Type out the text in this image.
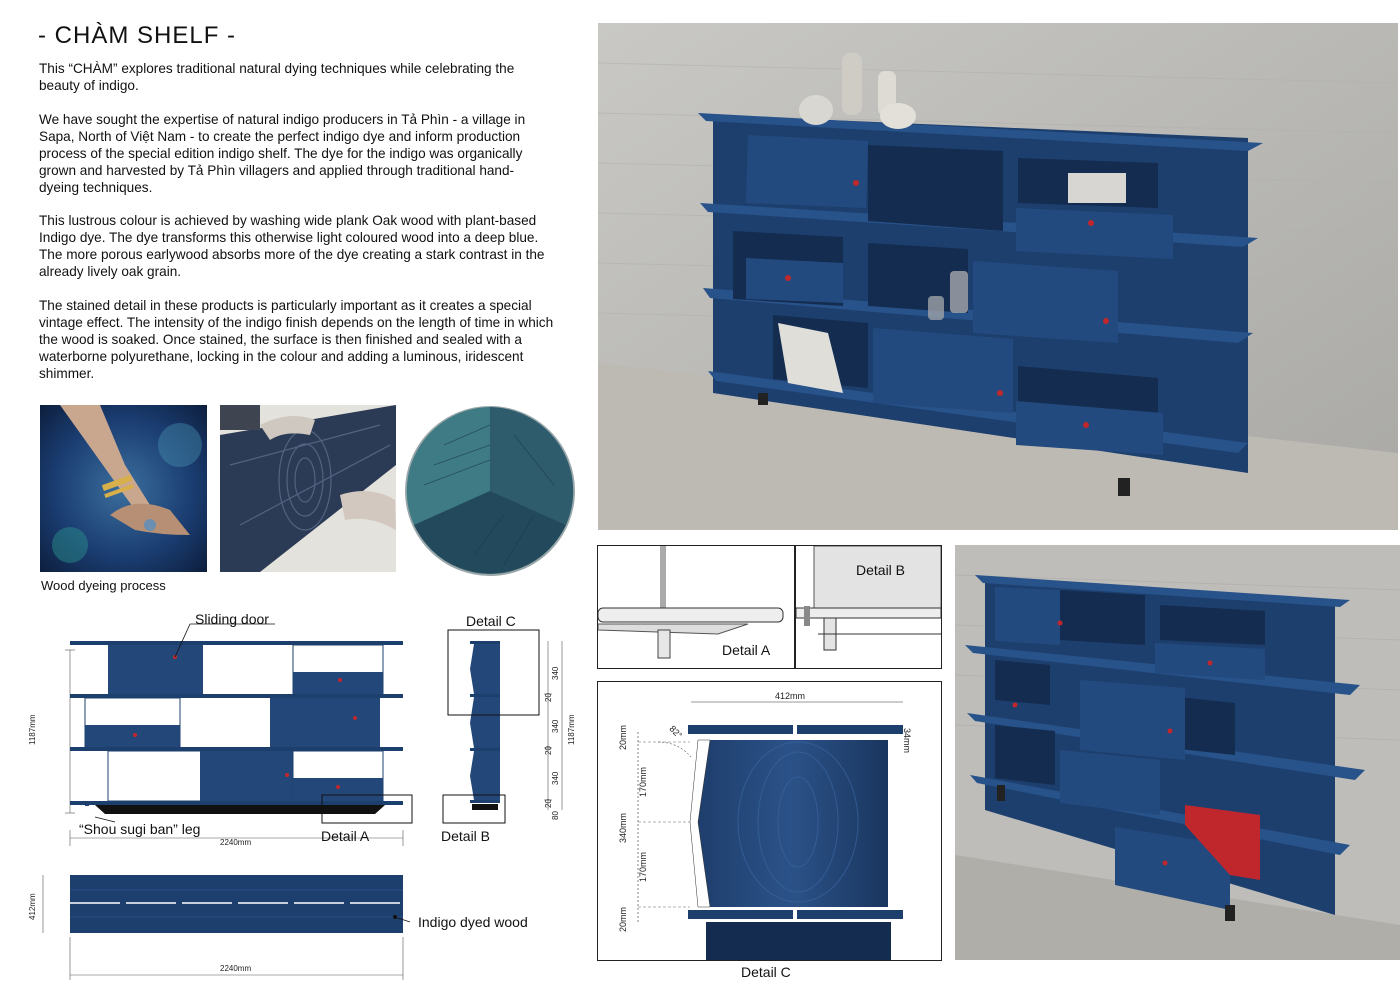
- CHÀM SHELF -

This “CHÀM” explores traditional natural dying techniques while celebrating the beauty of indigo.

We have sought the expertise of natural indigo producers in Tả Phìn - a village in Sapa, North of Việt Nam - to create the perfect indigo dye and inform production process of the special edition indigo shelf. The dye for the indigo was organically grown and harvested by Tả Phìn villagers and applied through traditional hand-dyeing techniques.

This lustrous colour is achieved by washing wide plank Oak wood with plant-based Indigo dye. The dye transforms this otherwise light coloured wood into a deep blue. The more porous earlywood absorbs more of the dye creating a stark contrast in the already lively oak grain.

The stained detail in these products is particularly important as it creates a special vintage effect. The intensity of the indigo finish depends on the length of time in which the wood is soaked. Once stained, the surface is then finished and sealed with a waterborne polyurethane, locking in the colour and adding a luminous, iridescent shimmer.

Wood dyeing process
Detail A
Detail B
412mm
34mm
20mm	82°
170mm
340mm
170mm
20mm
Detail C
Sliding door
“Shou sugi ban” leg	Detail A
2240mm
1187mm
Detail C
Detail B
340
20
340
20
340
20
80
1187mm
Indigo dyed wood
2240mm
412mm
